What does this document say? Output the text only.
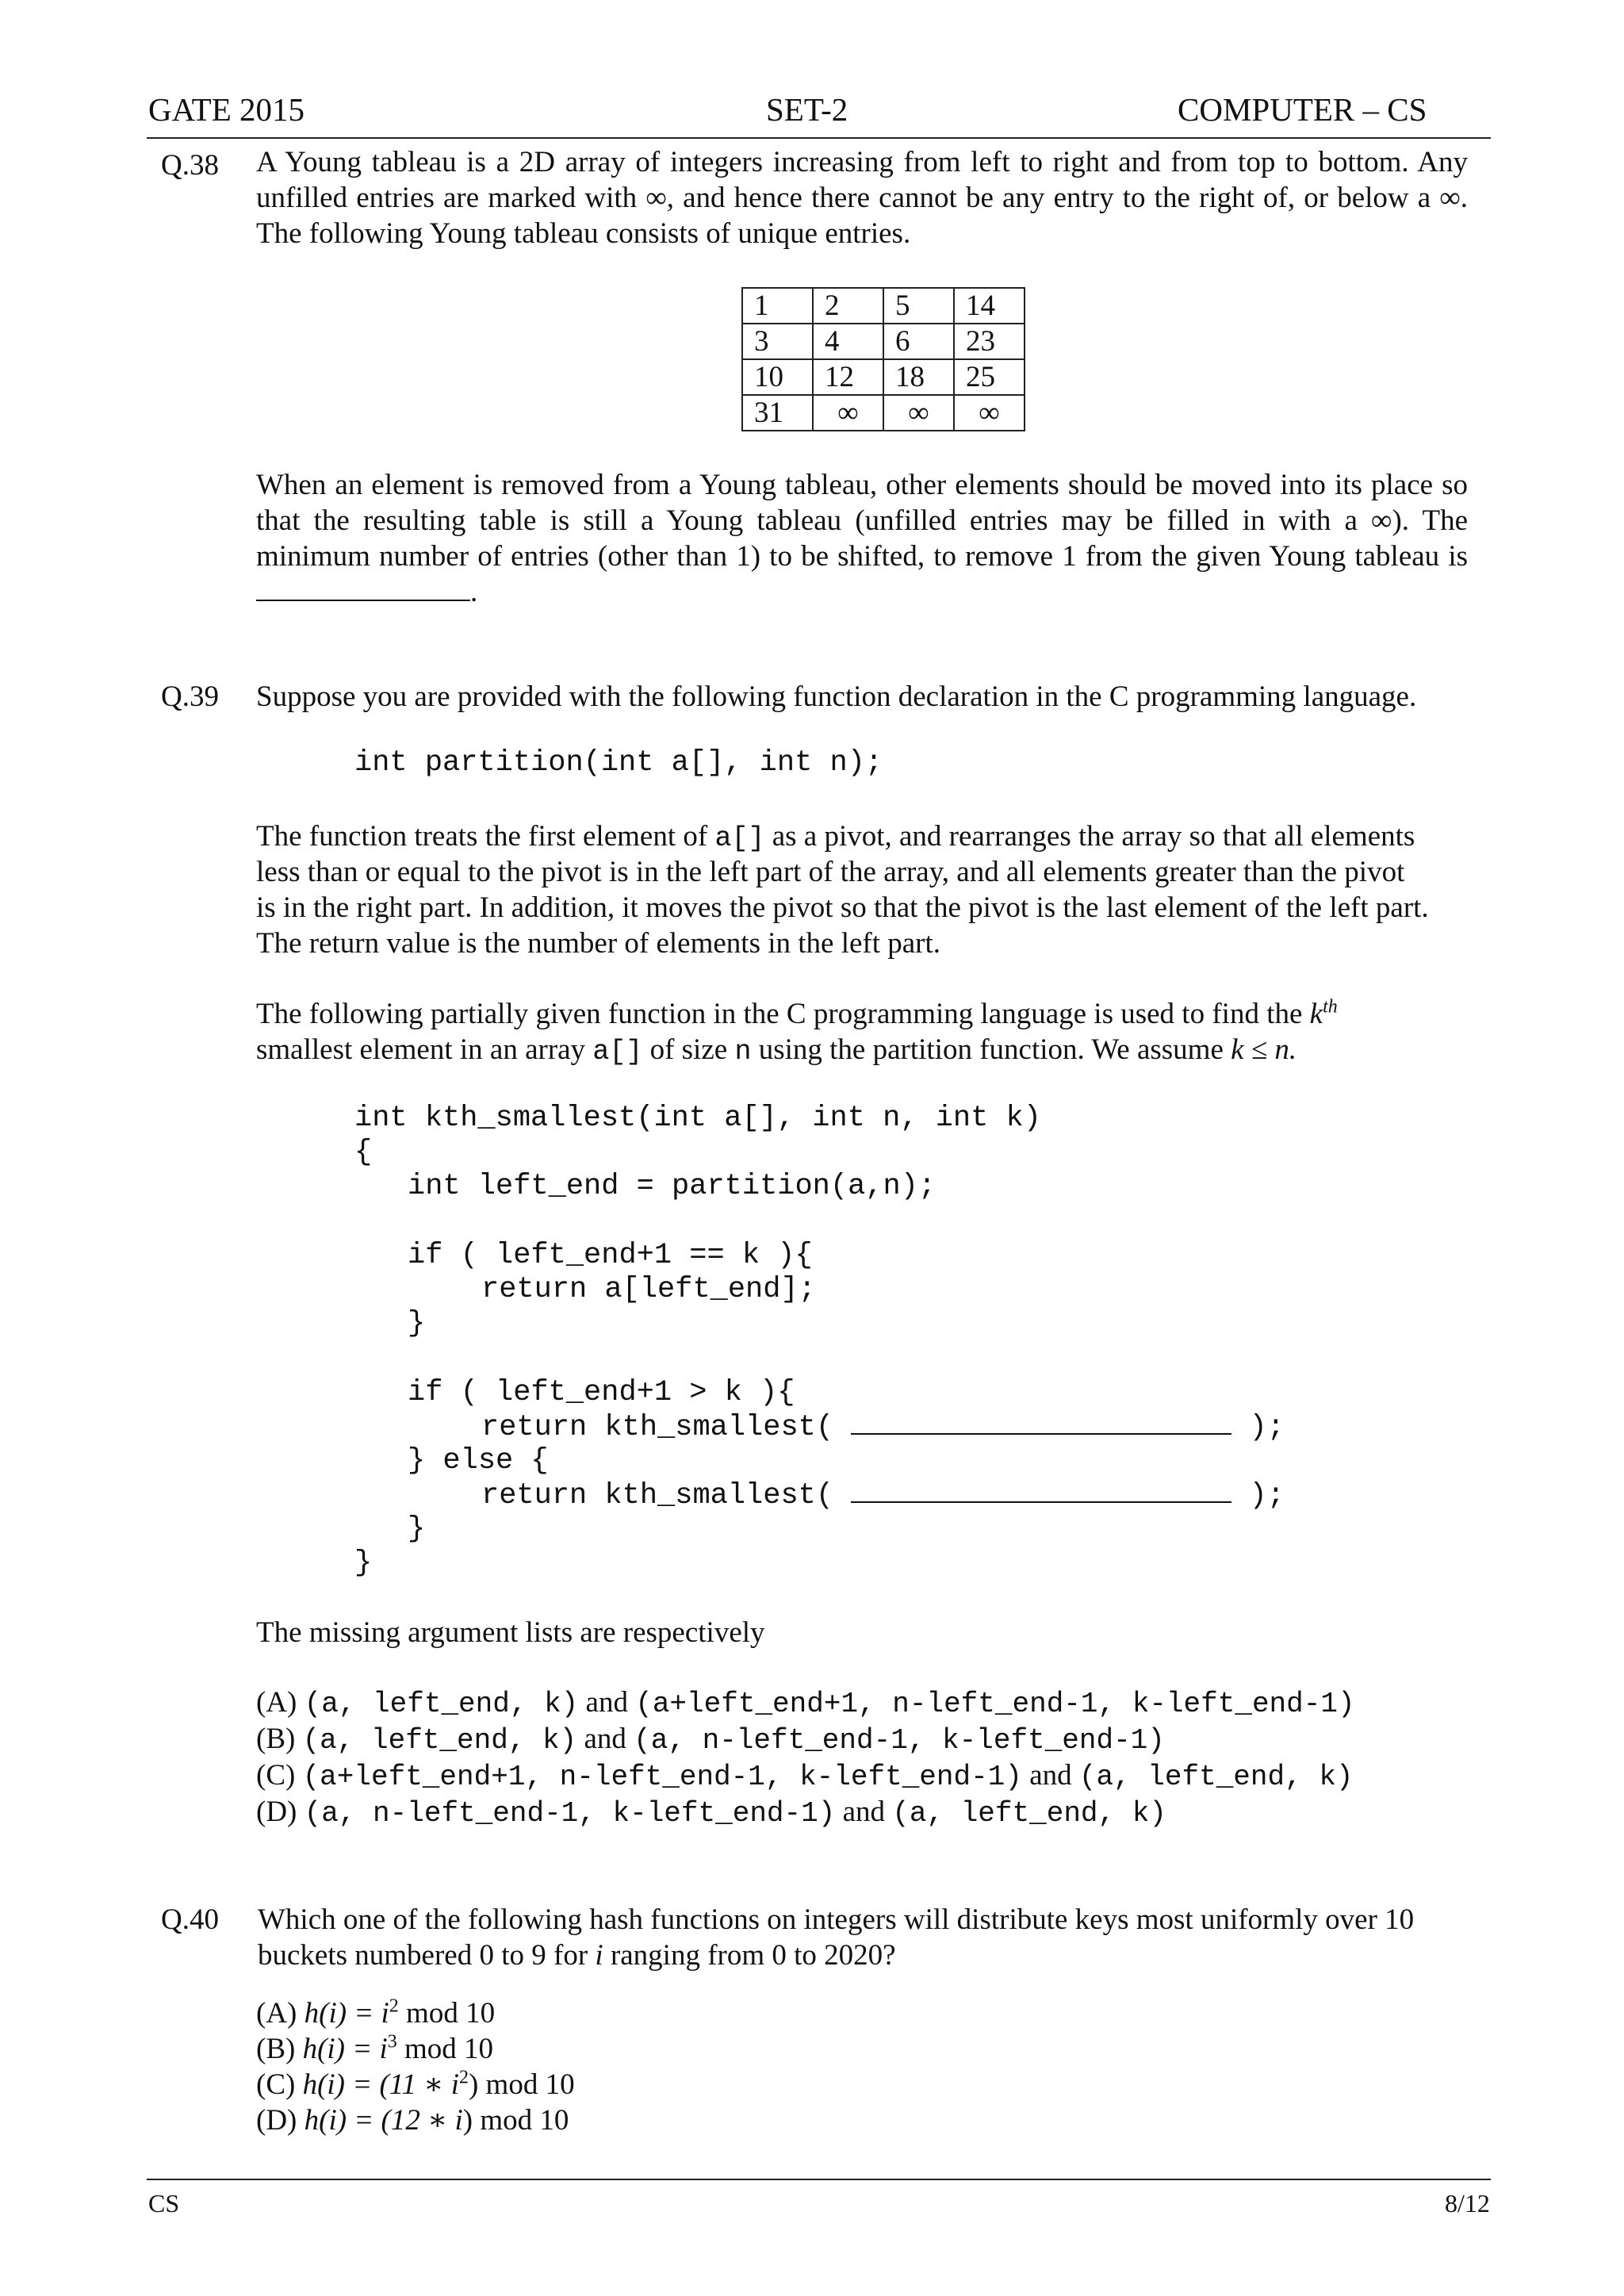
GATE 2015	SET-2	COMPUTER – CS
Q.38 A Young tableau is a 2D array of integers increasing from left to right and from top to bottom. Any unfilled entries are marked with ∞, and hence there cannot be any entry to the right of, or below a ∞. The following Young tableau consists of unique entries.
1	2	5	14
3	4	6	23
10	12	18	25
31	∞	∞	∞
When an element is removed from a Young tableau, other elements should be moved into its place so that the resulting table is still a Young tableau (unfilled entries may be filled in with a ∞). The minimum number of entries (other than 1) to be shifted, to remove 1 from the given Young tableau is .
Q.39 Suppose you are provided with the following function declaration in the C programming language.
int partition(int a[], int n);
The function treats the first element of a[] as a pivot, and rearranges the array so that all elements
less than or equal to the pivot is in the left part of the array, and all elements greater than the pivot
is in the right part. In addition, it moves the pivot so that the pivot is the last element of the left part.
The return value is the number of elements in the left part.
The following partially given function in the C programming language is used to find the $k^{th}$
smallest element in an array a[] of size n using the partition function. We assume k ≤ n.
int kth_smallest(int a[], int n, int k)
{
int left_end = partition(a,n);
if ( left_end+1 == k ){
return a[left_end];
}
if ( left_end+1 > k ){
return kth_smallest(	);
} else {
return kth_smallest(	);
}
}
The missing argument lists are respectively
(A) (a, left_end, k) and (a+left_end+1, n-left_end-1, k-left_end-1)
(B) (a, left_end, k) and (a, n-left_end-1, k-left_end-1)
(C) (a+left_end+1, n-left_end-1, k-left_end-1) and (a, left_end, k)
(D) (a, n-left_end-1, k-left_end-1) and (a, left_end, k)
Q.40 Which one of the following hash functions on integers will distribute keys most uniformly over 10
buckets numbered 0 to 9 for i ranging from 0 to 2020?
(A) $h(i) = i^2$ mod 10
(B) $h(i) = i^3$ mod 10
(C) h(i) = (11 ∗ $i^2$) mod 10
(D) h(i) = (12 ∗ i) mod 10
CS	8/12
